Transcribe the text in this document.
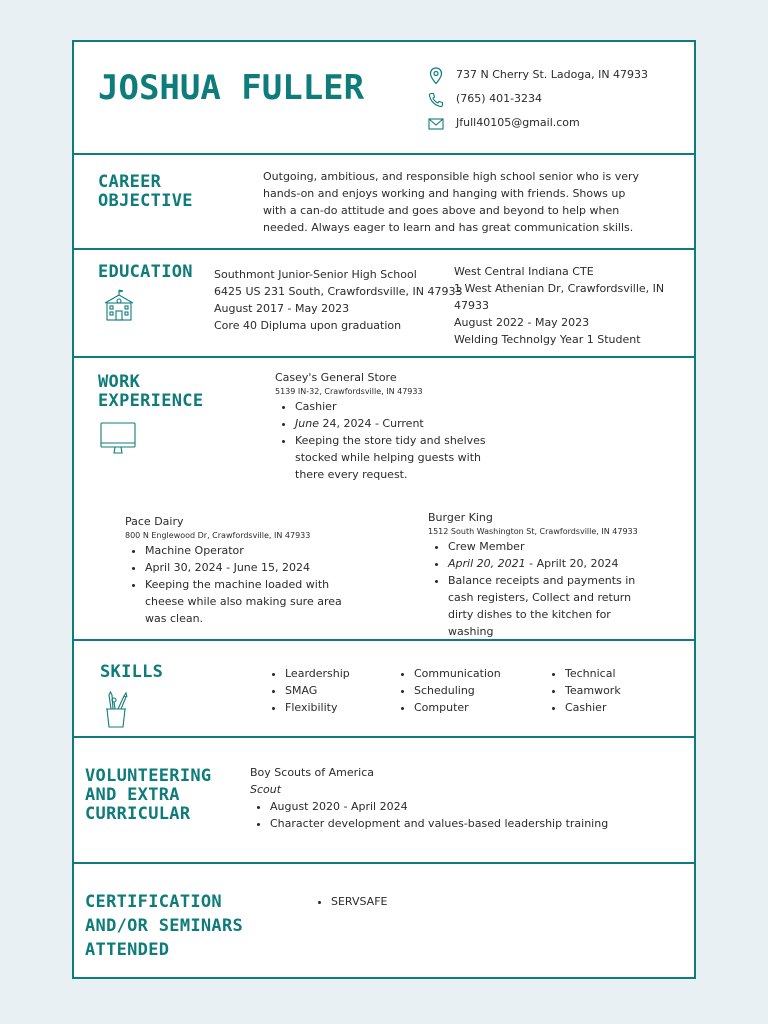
JOSHUA FULLER	737 N Cherry St. Ladoga, IN 47933
(765) 401-3234
Jfull40105@gmail.com
CAREER
OBJECTIVE
Outgoing, ambitious, and responsible high school senior who is very hands-on and enjoys working and hanging with friends. Shows up with a can-do attitude and goes above and beyond to help when needed. Always eager to learn and has great communication skills.
EDUCATION Southmont Junior-Senior High School
6425 US 231 South, Crawfordsville, IN 47933
August 2017 - May 2023
Core 40 Dipluma upon graduation
West Central Indiana CTE
1 West Athenian Dr, Crawfordsville, IN 47933
August 2022 - May 2023
Welding Technolgy Year 1 Student
WORK
EXPERIENCE
Casey's General Store
5139 IN-32, Crawfordsville, IN 47933
• Cashier
• June 24, 2024 - Current
• Keeping the store tidy and shelves stocked while helping guests with there every request.
Pace Dairy
800 N Englewood Dr, Crawfordsville, IN 47933
• Machine Operator
• April 30, 2024 - June 15, 2024
• Keeping the machine loaded with cheese while also making sure area was clean.
Burger King
1512 South Washington St, Crawfordsville, IN 47933
• Crew Member
• April 20, 2021 - Aprilt 20, 2024
• Balance receipts and payments in cash registers, Collect and return dirty dishes to the kitchen for washing
SKILLS
•	Leardership
• SMAG
• Flexibility
• Communication
• Scheduling
• Computer
• Technical
• Teamwork
• Cashier
VOLUNTEERING
AND EXTRA
CURRICULAR
Boy Scouts of America
Scout
• August 2020 - April 2024
• Character development and values-based leadership training
CERTIFICATION
AND/OR SEMINARS
ATTENDED
• SERVSAFE
